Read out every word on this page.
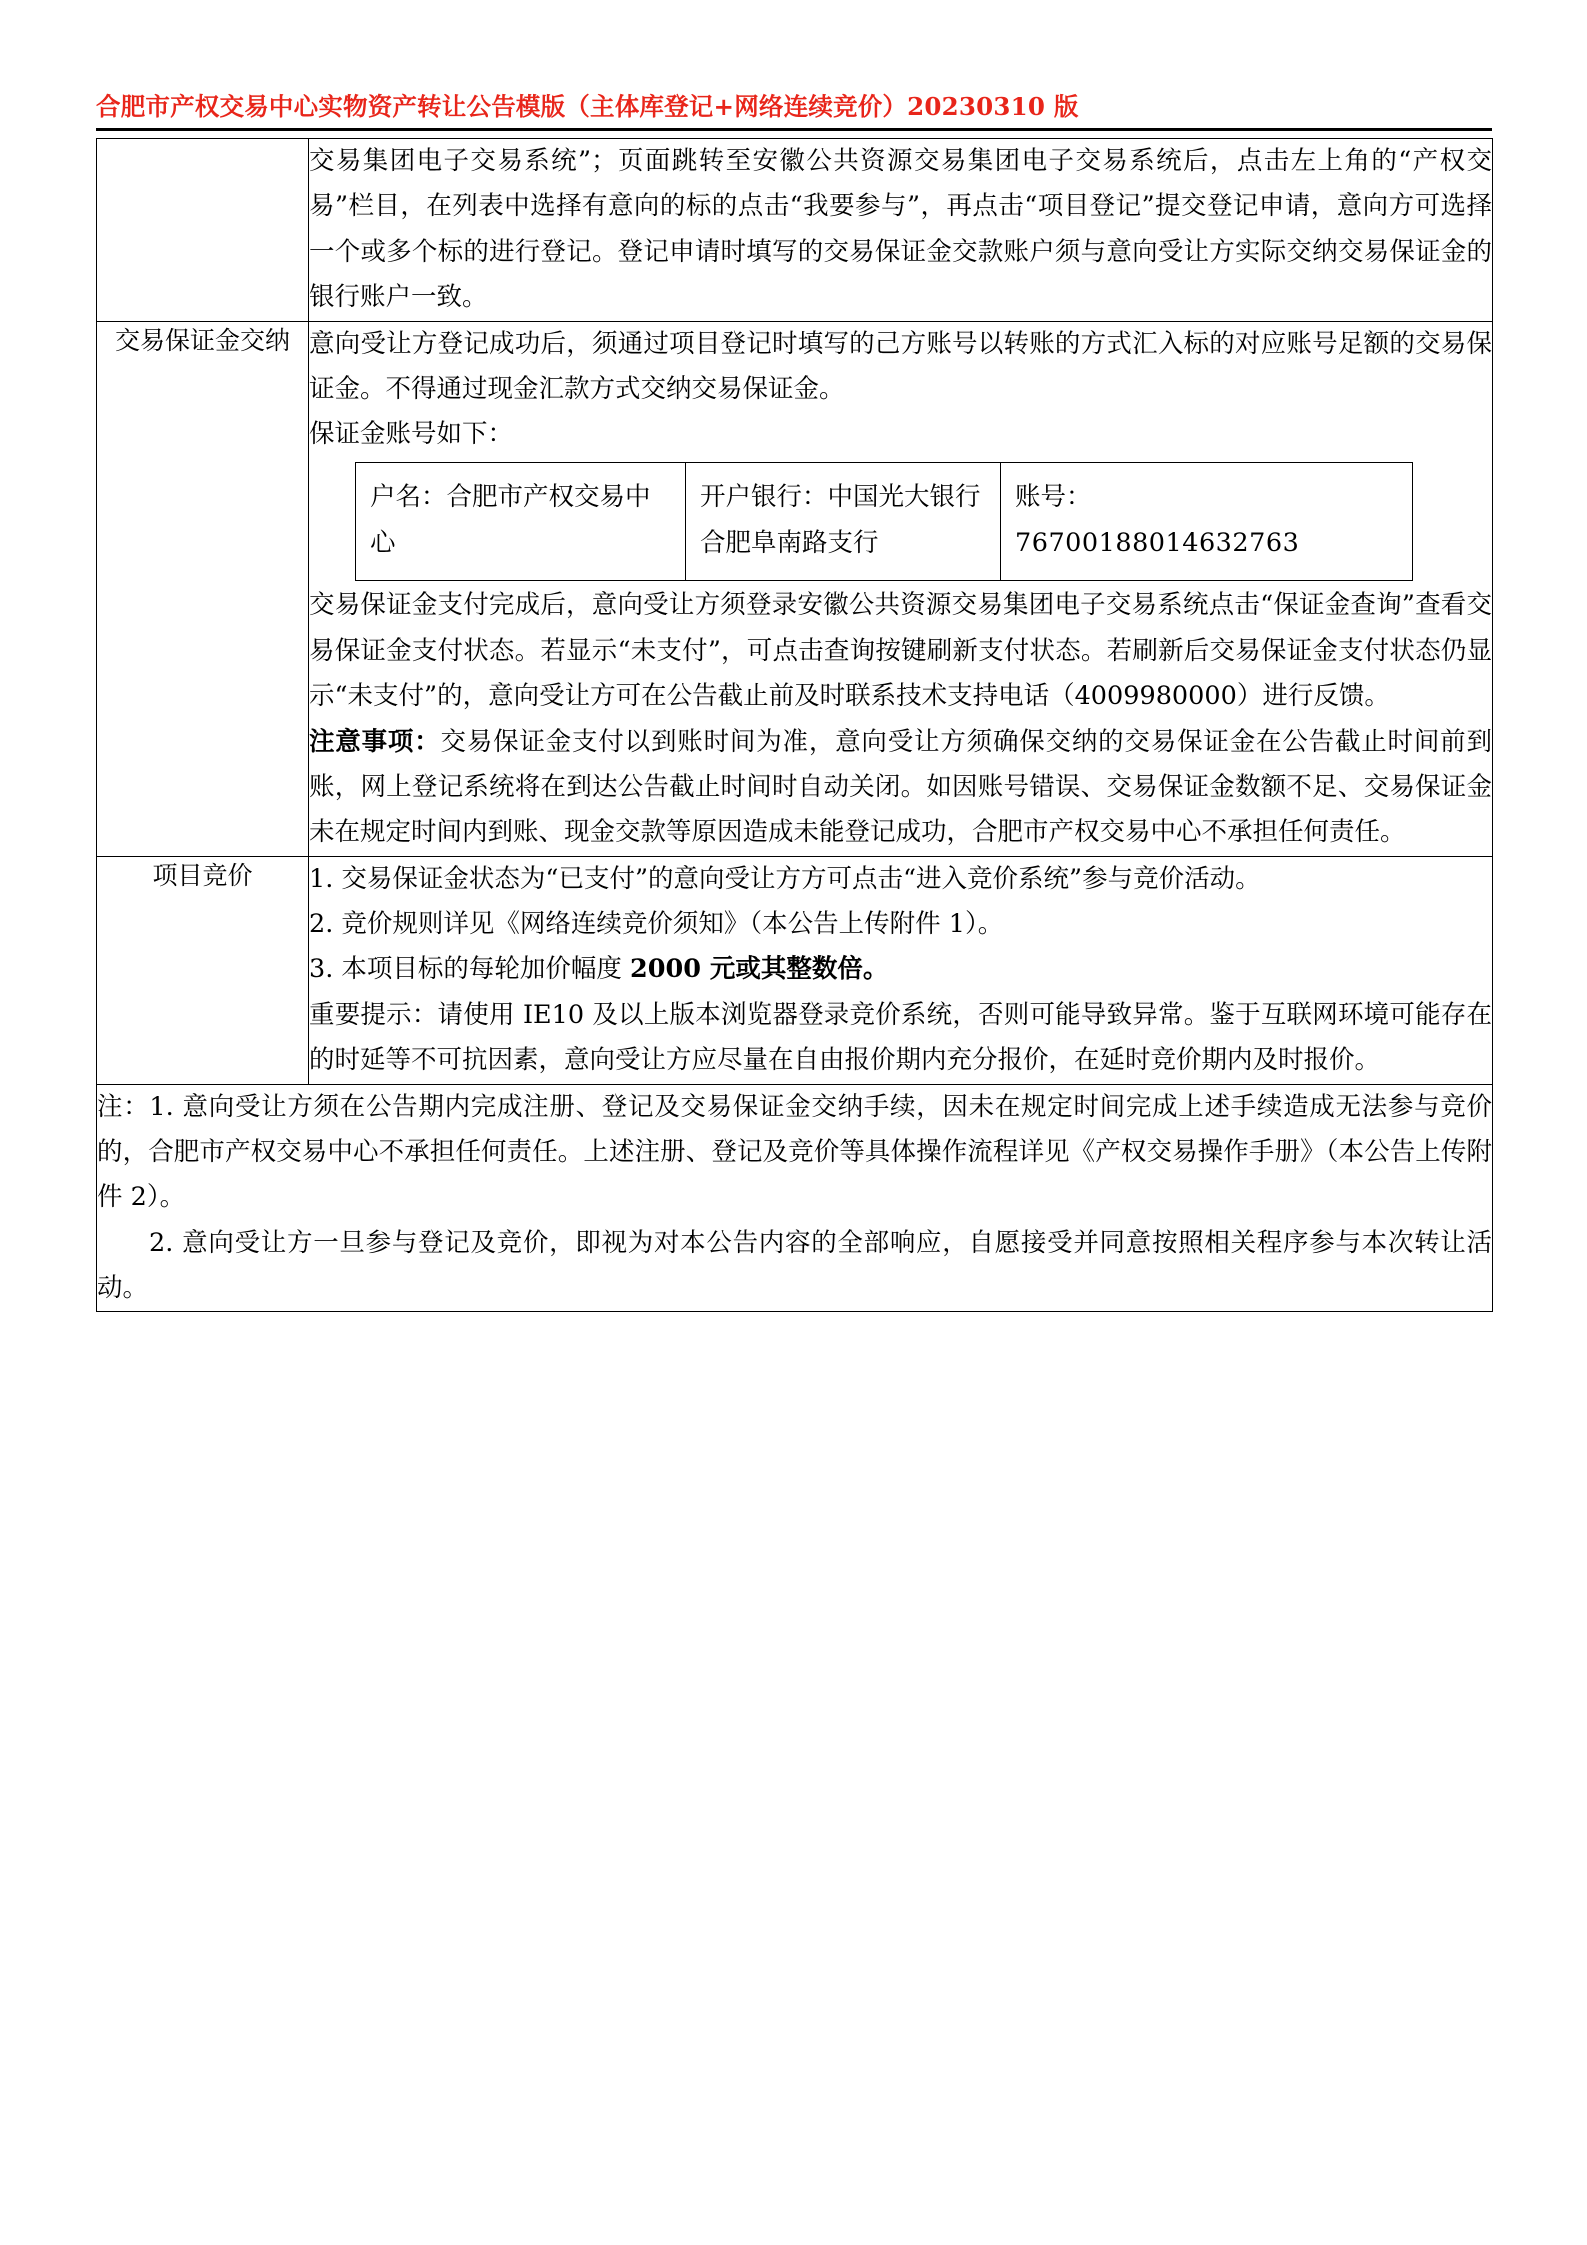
合肥市产权交易中心实物资产转让公告模版（主体库登记+网络连续竞价）20230310 版

交易集团电子交易系统”；页面跳转至安徽公共资源交易集团电子交易系统后，点击左上角的“产权交易”栏目，在列表中选择有意向的标的点击“我要参与”，再点击“项目登记”提交登记申请，意向方可选择一个或多个标的进行登记。登记申请时填写的交易保证金交款账户须与意向受让方实际交纳交易保证金的银行账户一致。

交易保证金交纳	意向受让方登记成功后，须通过项目登记时填写的己方账号以转账的方式汇入标的对应账号足额的交易保证金。不得通过现金汇款方式交纳交易保证金。

保证金账号如下：

户名：合肥市产权交易中心	开户银行：中国光大银行合肥阜南路支行	账号：
76700188014632763

交易保证金支付完成后，意向受让方须登录安徽公共资源交易集团电子交易系统点击“保证金查询”查看交易保证金支付状态。若显示“未支付”，可点击查询按键刷新支付状态。若刷新后交易保证金支付状态仍显示“未支付”的，意向受让方可在公告截止前及时联系技术支持电话（4009980000）进行反馈。

注意事项：交易保证金支付以到账时间为准，意向受让方须确保交纳的交易保证金在公告截止时间前到账，网上登记系统将在到达公告截止时间时自动关闭。如因账号错误、交易保证金数额不足、交易保证金未在规定时间内到账、现金交款等原因造成未能登记成功，合肥市产权交易中心不承担任何责任。

项目竞价	1. 交易保证金状态为“已支付”的意向受让方方可点击“进入竞价系统”参与竞价活动。

2. 竞价规则详见《网络连续竞价须知》（本公告上传附件 1）。

3. 本项目标的每轮加价幅度 2000 元或其整数倍。

重要提示：请使用 IE10 及以上版本浏览器登录竞价系统，否则可能导致异常。鉴于互联网环境可能存在的时延等不可抗因素，意向受让方应尽量在自由报价期内充分报价，在延时竞价期内及时报价。

注：1. 意向受让方须在公告期内完成注册、登记及交易保证金交纳手续，因未在规定时间完成上述手续造成无法参与竞价的，合肥市产权交易中心不承担任何责任。上述注册、登记及竞价等具体操作流程详见《产权交易操作手册》（本公告上传附件 2）。

2. 意向受让方一旦参与登记及竞价，即视为对本公告内容的全部响应，自愿接受并同意按照相关程序参与本次转让活动。
